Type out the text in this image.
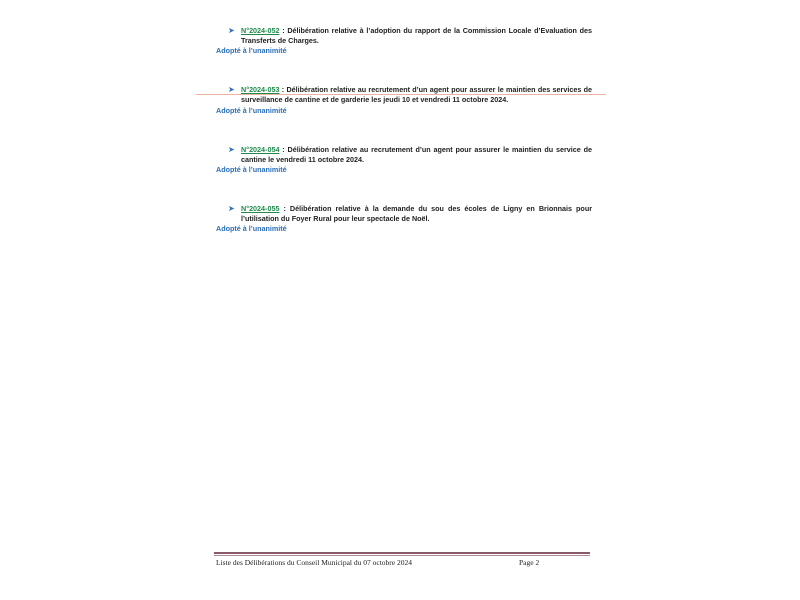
➤ N°2024-052 : Délibération relative à l’adoption du rapport de la Commission Locale d’Evaluation des Transferts de Charges.
Adopté à l’unanimité
➤ N°2024-053 : Délibération relative au recrutement d’un agent pour assurer le maintien des services de surveillance de cantine et de garderie les jeudi 10 et vendredi 11 octobre 2024.
Adopté à l’unanimité
➤ N°2024-054 : Délibération relative au recrutement d’un agent pour assurer le maintien du service de cantine le vendredi 11 octobre 2024.
Adopté à l’unanimité
➤ N°2024-055 : Délibération relative à la demande du sou des écoles de Ligny en Brionnais pour l’utilisation du Foyer Rural pour leur spectacle de Noël.
Adopté à l’unanimité
Liste des Délibérations du Conseil Municipal du 07 octobre 2024	Page 2
